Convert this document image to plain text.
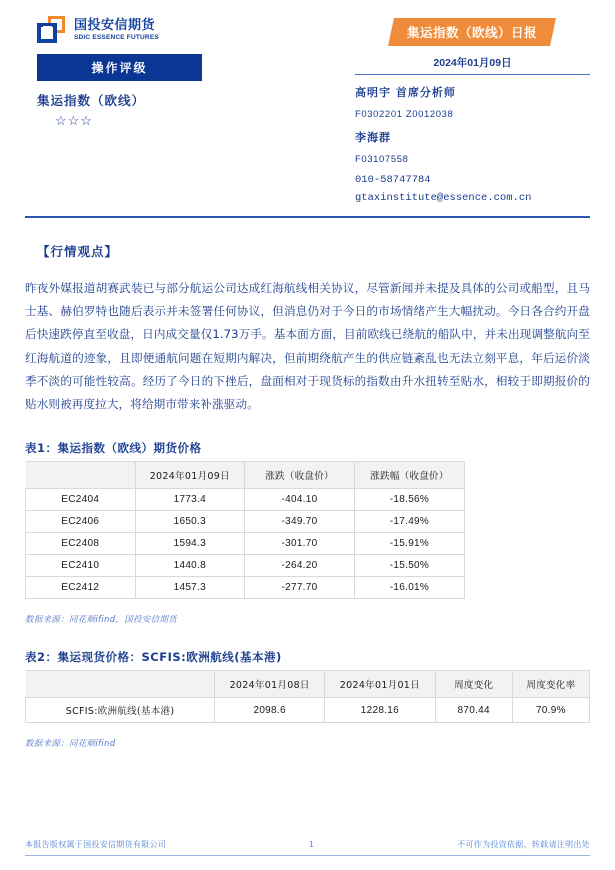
国投安信期货
SDIC ESSENCE FUTURES
操作评级
集运指数（欧线）
☆☆☆
集运指数（欧线）日报
2024年01月09日
高明宇 首席分析师
F0302201 Z0012038
李海群
F03107558
010-58747784
gtaxinstitute@essence.com.cn
【行情观点】
昨夜外媒报道胡赛武装已与部分航运公司达成红海航线相关协议，尽管新闻并未提及具体的公司或船型，且马士基、赫伯罗特也随后表示并未签署任何协议，但消息仍对于今日的市场情绪产生大幅扰动。今日各合约开盘后快速跌停直至收盘，日内成交量仅1.73万手。基本面方面，目前欧线已绕航的船队中，并未出现调整航向至红海航道的迹象，且即便通航问题在短期内解决，但前期绕航产生的供应链紊乱也无法立刻平息，年后运价淡季不淡的可能性较高。经历了今日的下挫后，盘面相对于现货标的指数由升水扭转至贴水，相较于即期报价的贴水则被再度拉大，将给期市带来补涨驱动。
表1：集运指数（欧线）期货价格
	2024年01月09日	涨跌（收盘价）	涨跌幅（收盘价）
EC2404	1773.4	-404.10	-18.56%
EC2406	1650.3	-349.70	-17.49%
EC2408	1594.3	-301.70	-15.91%
EC2410	1440.8	-264.20	-15.50%
EC2412	1457.3	-277.70	-16.01%
数据来源：同花顺ifind，国投安信期货
表2：集运现货价格：SCFIS:欧洲航线(基本港)
	2024年01月08日	2024年01月01日	周度变化	周度变化率
SCFIS:欧洲航线(基本港)	2098.6	1228.16	870.44	70.9%
数据来源：同花顺ifind
本报告版权属于国投安信期货有限公司	1	不可作为投资依据，转载请注明出处
